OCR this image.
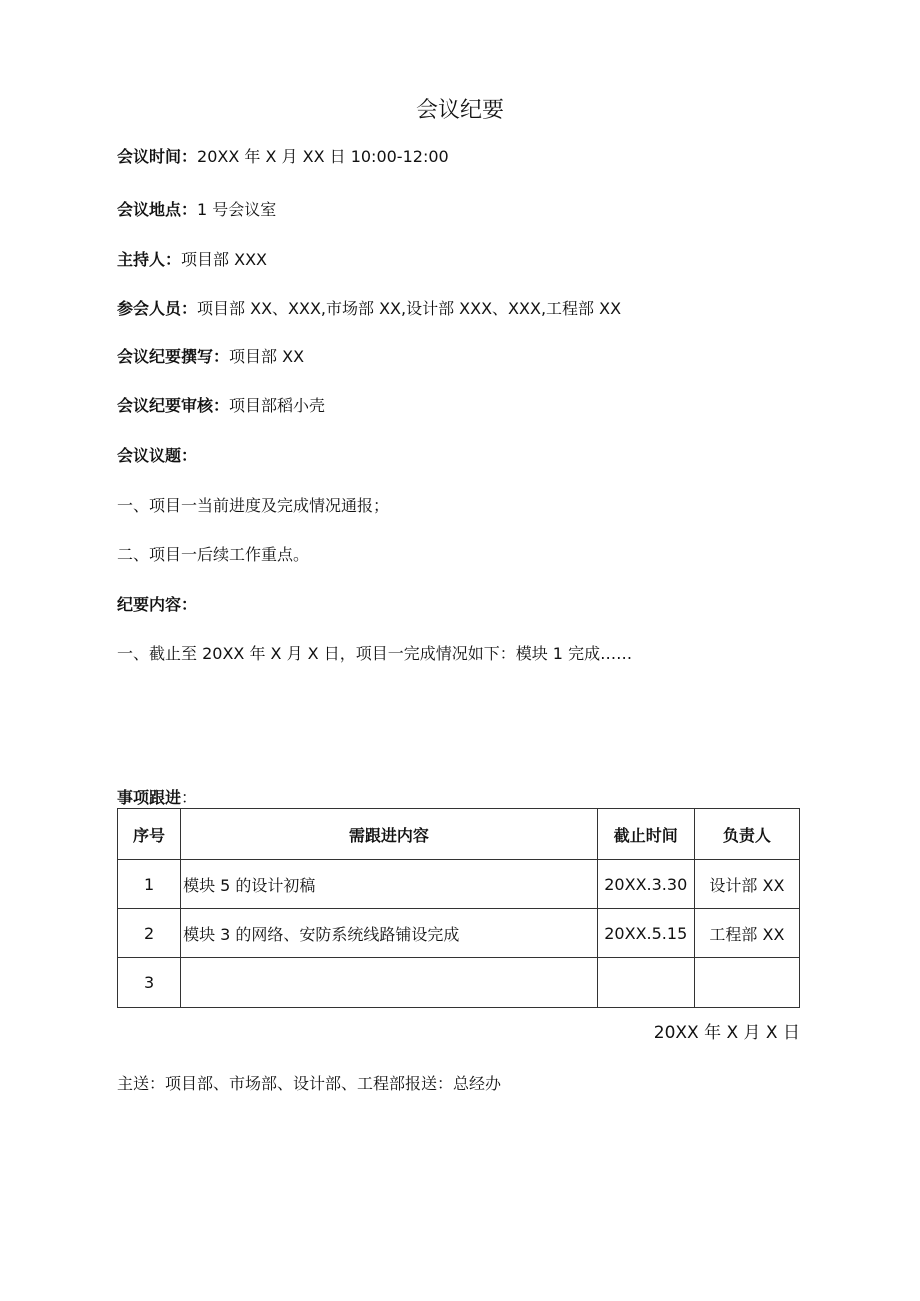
会议纪要
会议时间：20XX 年 X 月 XX 日 10:00-12:00
会议地点：1 号会议室
主持人：项目部 XXX
参会人员：项目部 XX、XXX,市场部 XX,设计部 XXX、XXX,工程部 XX
会议纪要撰写：项目部 XX
会议纪要审核：项目部稻小壳
会议议题：
一、项目一当前进度及完成情况通报；
二、项目一后续工作重点。
纪要内容：
一、截止至 20XX 年 X 月 X 日，项目一完成情况如下：模块 1 完成……
事项跟进：
序号	需跟进内容	截止时间	负责人
1	模块 5 的设计初稿	20XX.3.30	设计部 XX
2	模块 3 的网络、安防系统线路铺设完成	20XX.5.15	工程部 XX
3			
20XX 年 X 月 X 日
主送：项目部、市场部、设计部、工程部报送：总经办
